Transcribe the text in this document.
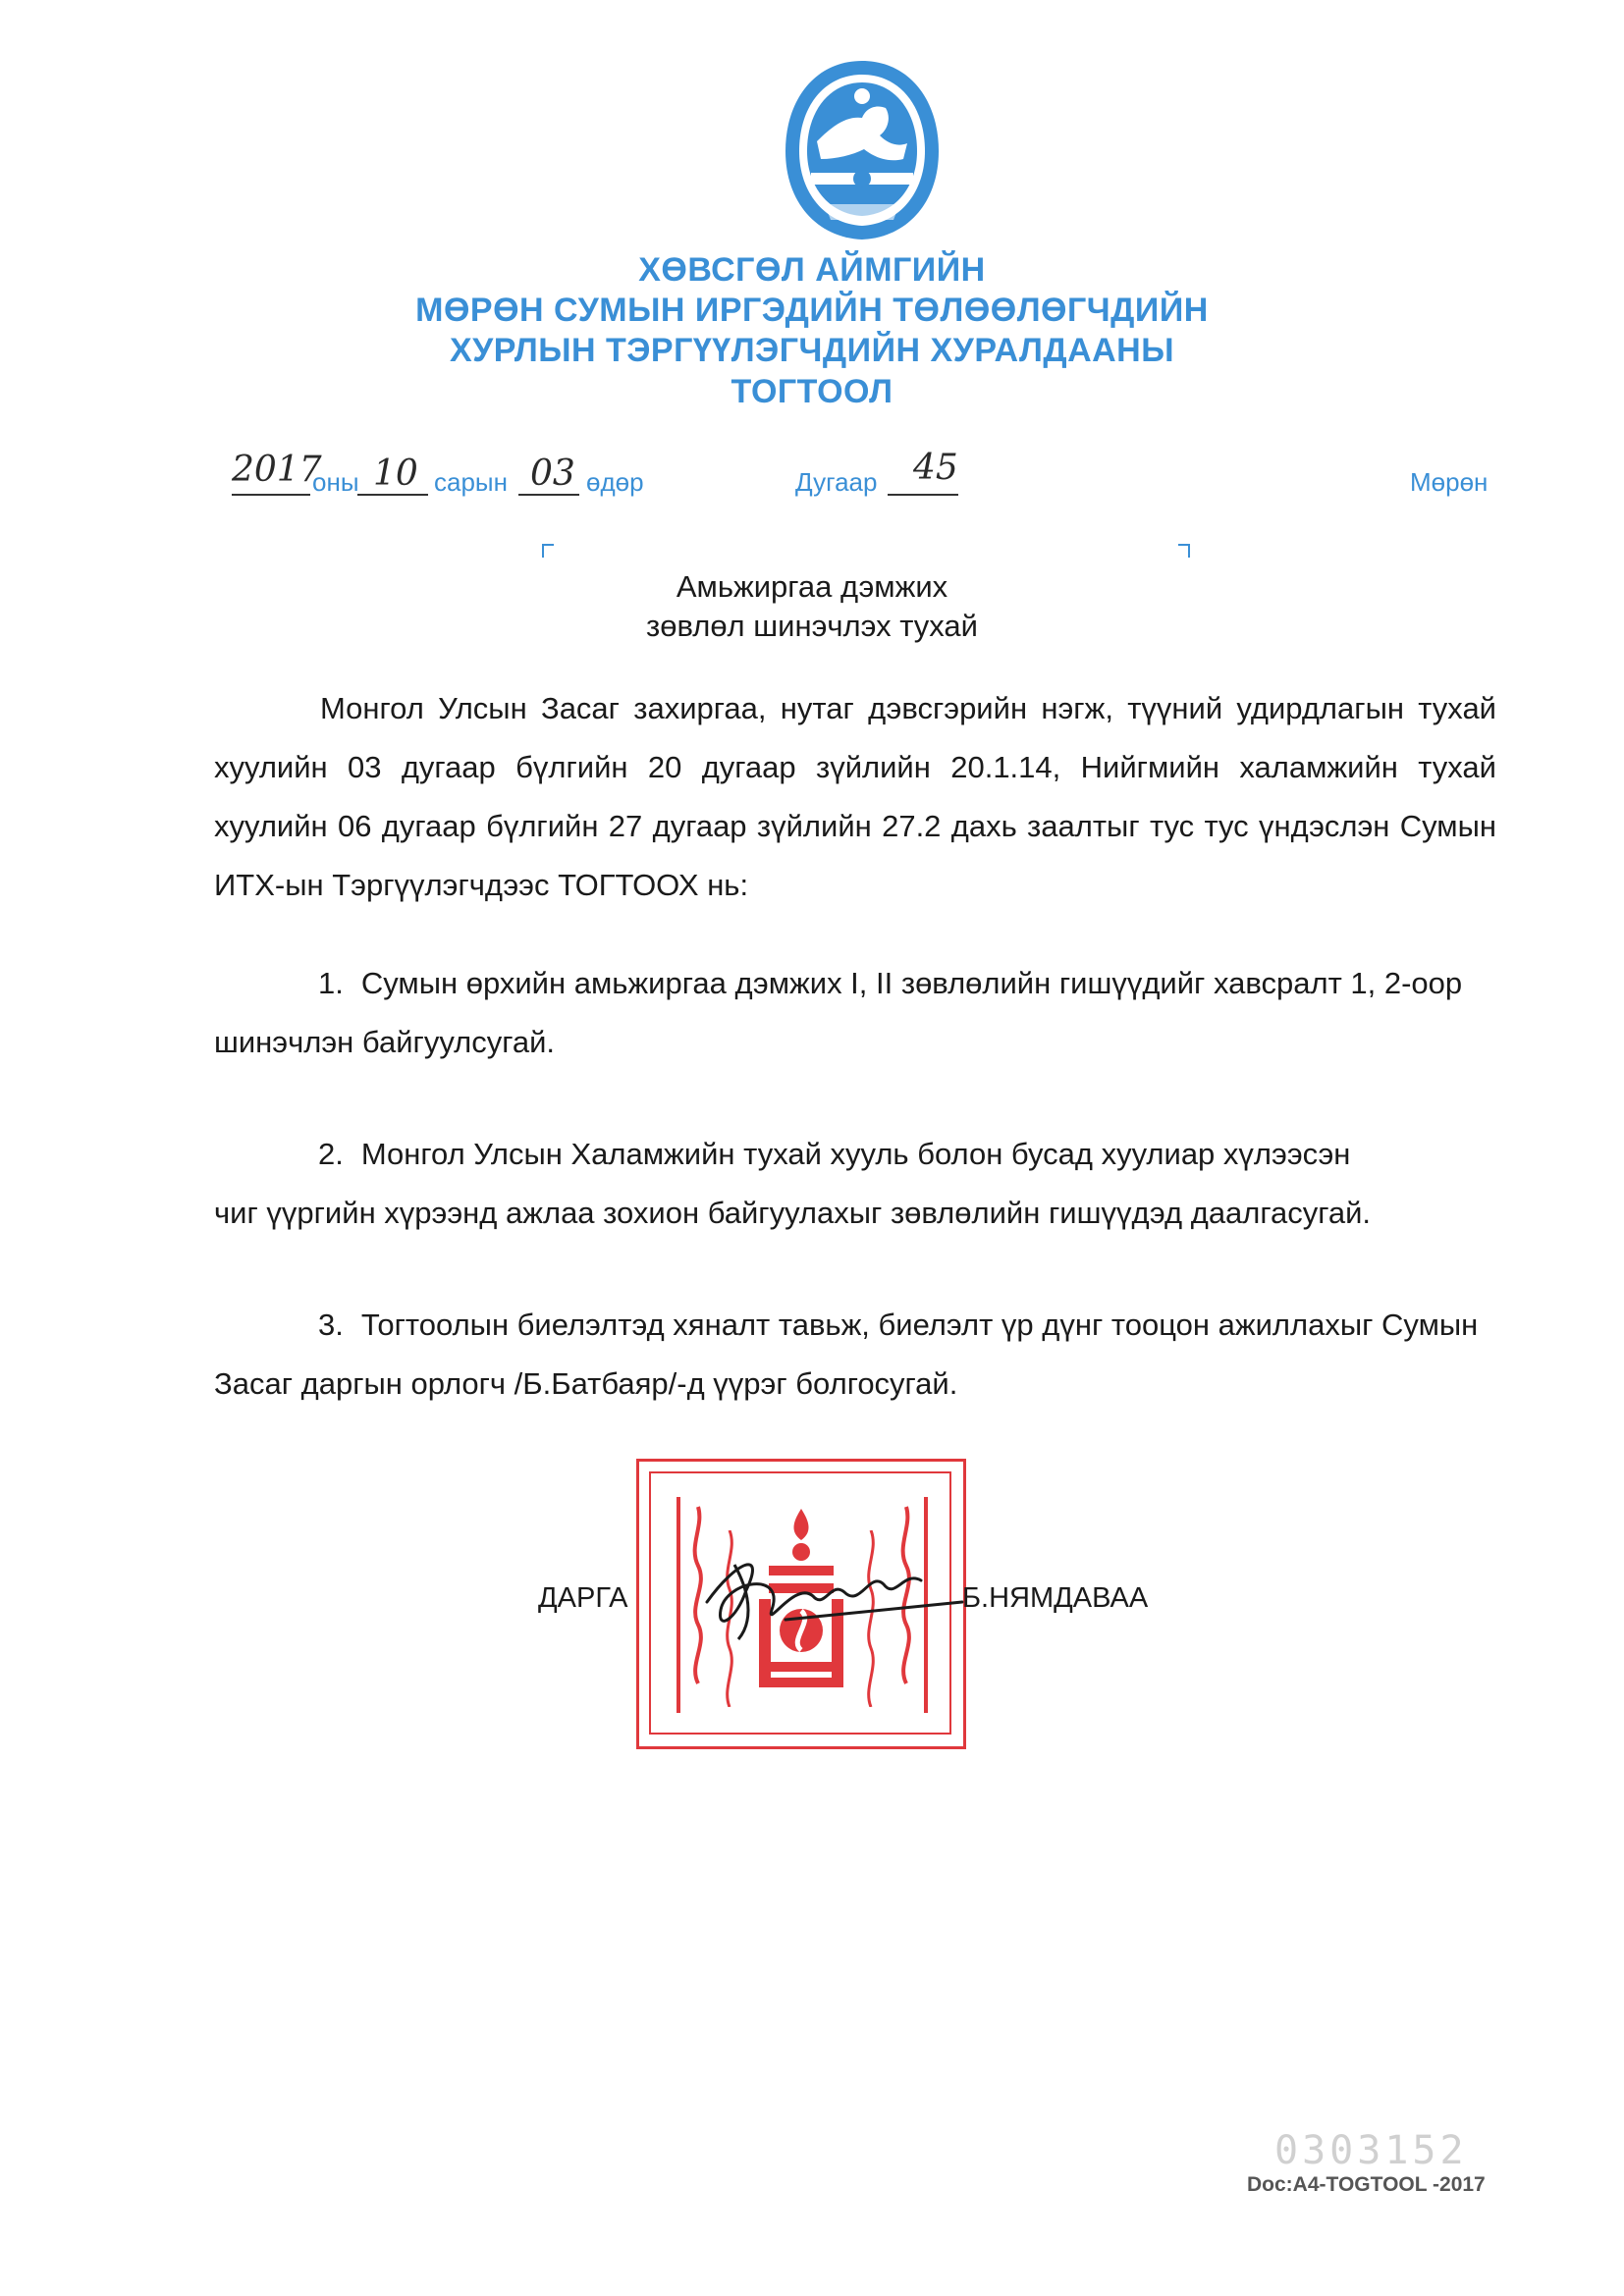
ХӨВСГӨЛ АЙМГИЙН
МӨРӨН СУМЫН ИРГЭДИЙН ТӨЛӨӨЛӨГЧДИЙН
ХУРЛЫН ТЭРГҮҮЛЭГЧДИЙН ХУРАЛДААНЫ
ТОГТООЛ
2017
оны 10 сарын 03 өдөр	Дугаар 45	Мөрөн
Амьжиргаа дэмжих
зөвлөл шинэчлэх тухай
Монгол Улсын Засаг захиргаа, нутаг дэвсгэрийн нэгж, түүний удирдлагын тухай хуулийн 03 дугаар бүлгийн 20 дугаар зүйлийн 20.1.14, Нийгмийн халамжийн тухай хуулийн 06 дугаар бүлгийн 27 дугаар зүйлийн 27.2 дахь заалтыг тус тус үндэслэн Сумын ИТХ-ын Тэргүүлэгчдээс ТОГТООХ нь:
1. Сумын өрхийн амьжиргаа дэмжих I, II зөвлөлийн гишүүдийг хавсралт 1, 2-оор шинэчлэн байгуулсугай.
2. Монгол Улсын Халамжийн тухай хууль болон бусад хуулиар хүлээсэн
чиг үүргийн хүрээнд ажлаа зохион байгуулахыг зөвлөлийн гишүүдэд даалгасугай.
3. Тогтоолын биелэлтэд хяналт тавьж, биелэлт үр дүнг тооцон ажиллахыг Сумын Засаг даргын орлогч /Б.Батбаяр/-д үүрэг болгосугай.
ДАРГА	Б.НЯМДАВАА
0303152
Doc:A4-TOGTOOL -2017
